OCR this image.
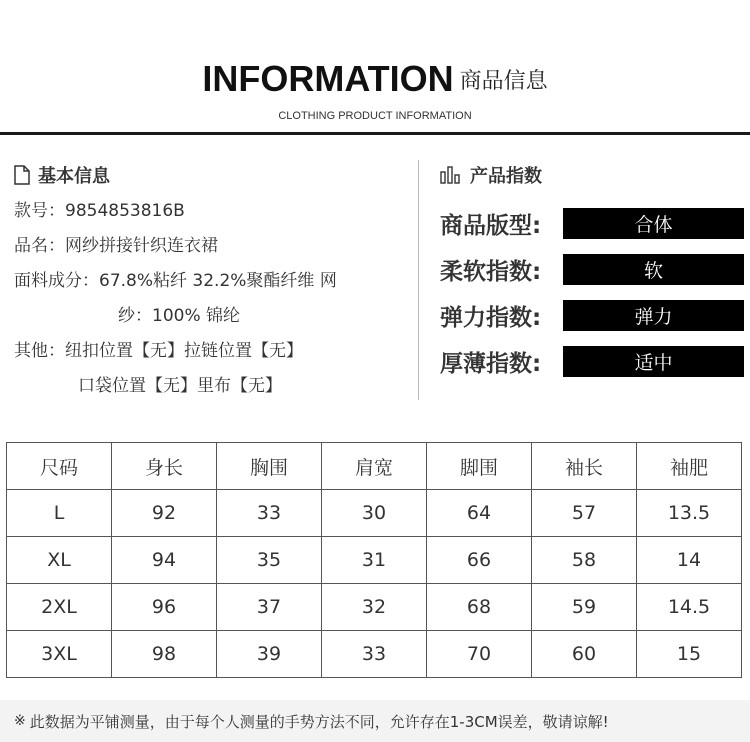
INFORMATION 商品信息
CLOTHING PRODUCT INFORMATION
基本信息
款号：9854853816B
品名：网纱拼接针织连衣裙
面料成分：67.8%粘纤 32.2%聚酯纤维 网
纱：100% 锦纶
其他：纽扣位置【无】拉链位置【无】
口袋位置【无】里布【无】
产品指数
商品版型:	合体
柔软指数:	软
弹力指数:	弹力
厚薄指数:	适中
尺码	身长	胸围	肩宽	脚围	袖长	袖肥
L	92	33	30	64	57	13.5
XL	94	35	31	66	58	14
2XL	96	37	32	68	59	14.5
3XL	98	39	33	70	60	15
※ 此数据为平铺测量，由于每个人测量的手势方法不同，允许存在1-3CM误差，敬请谅解!
